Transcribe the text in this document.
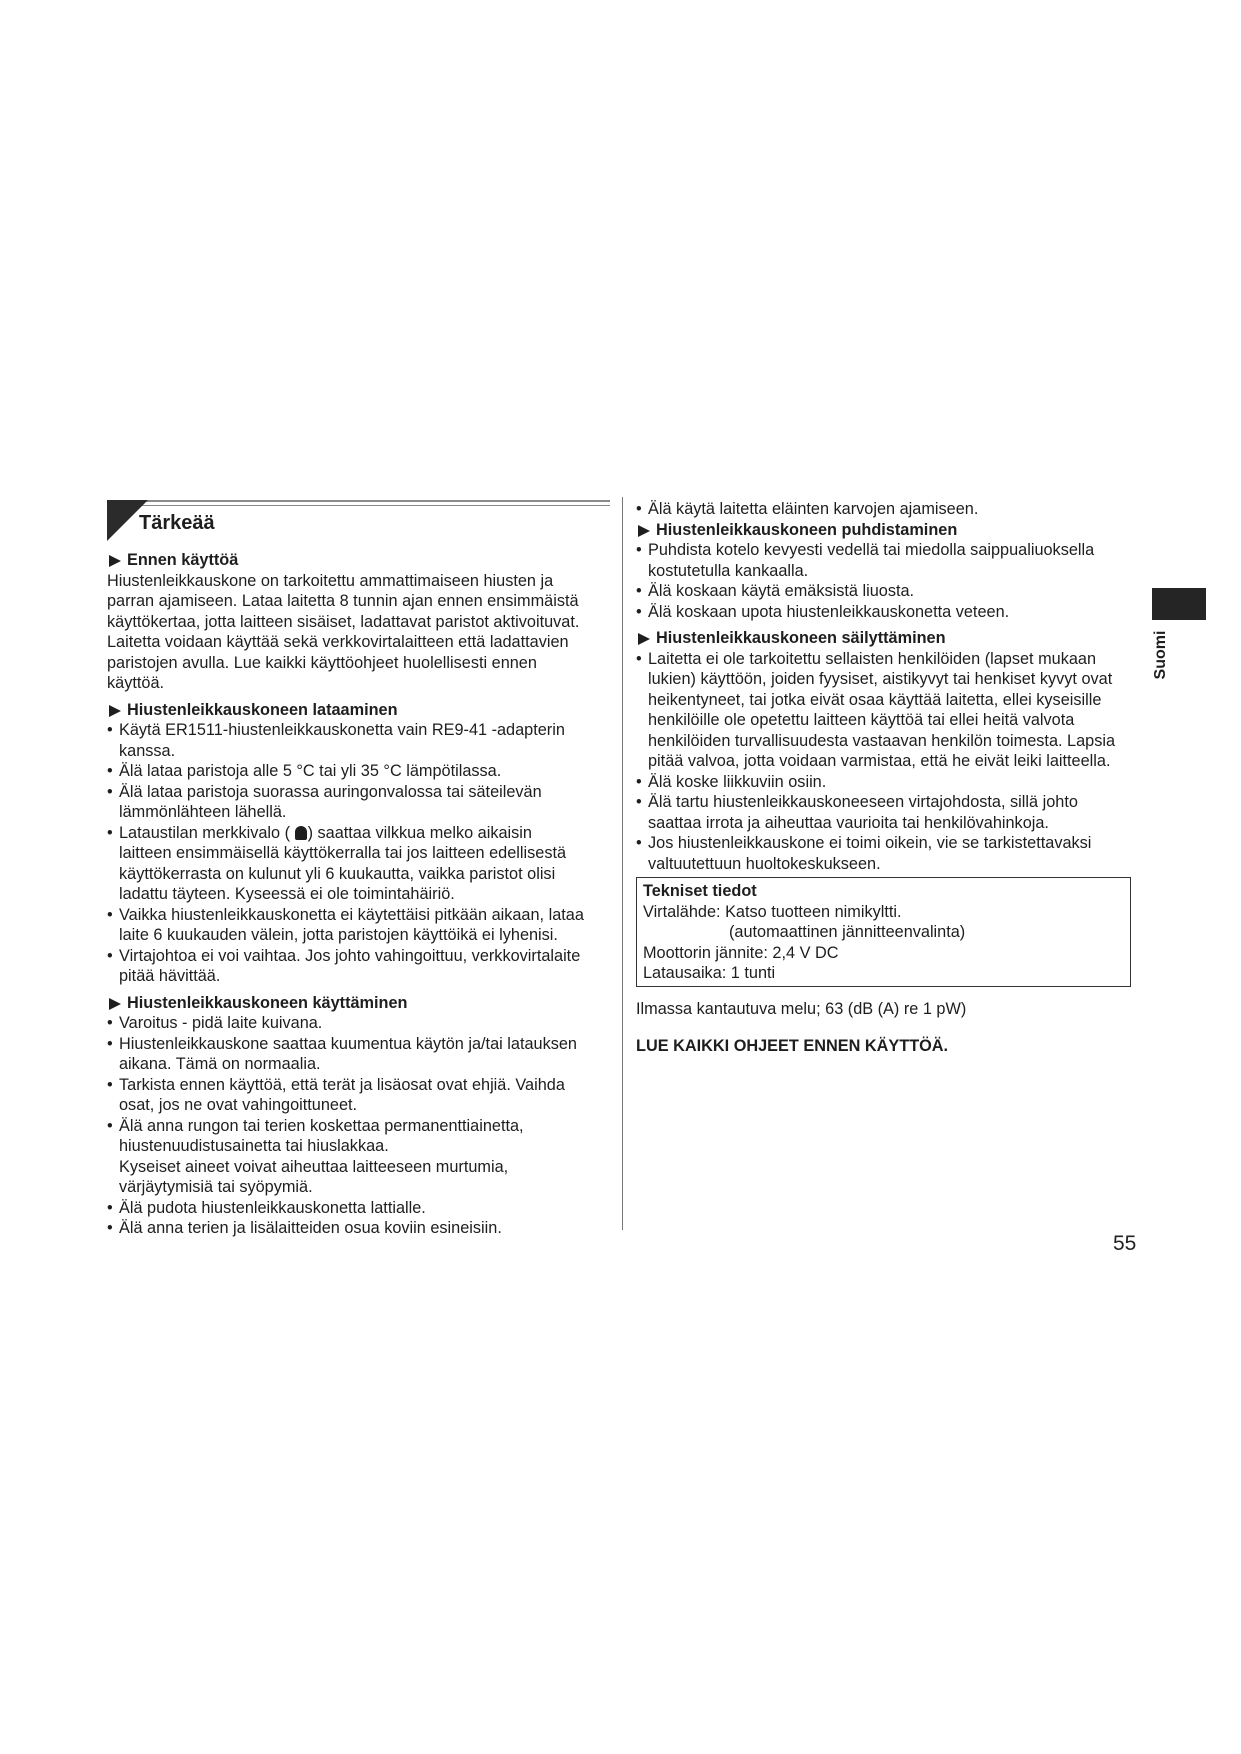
Tärkeää
Ennen käyttöä
Hiustenleikkauskone on tarkoitettu ammattimaiseen hiusten ja
parran ajamiseen. Lataa laitetta 8 tunnin ajan ennen ensimmäistä
käyttökertaa, jotta laitteen sisäiset, ladattavat paristot aktivoituvat.
Laitetta voidaan käyttää sekä verkkovirtalaitteen että ladattavien
paristojen avulla. Lue kaikki käyttöohjeet huolellisesti ennen
käyttöä.
Hiustenleikkauskoneen lataaminen
• Käytä ER1511-hiustenleikkauskonetta vain RE9-41 -adapterin
kanssa.
• Älä lataa paristoja alle 5 °C tai yli 35 °C lämpötilassa.
• Älä lataa paristoja suorassa auringonvalossa tai säteilevän
lämmönlähteen lähellä.
• Lataustilan merkkivalo ( ) saattaa vilkkua melko aikaisin
laitteen ensimmäisellä käyttökerralla tai jos laitteen edellisestä
käyttökerrasta on kulunut yli 6 kuukautta, vaikka paristot olisi
ladattu täyteen. Kyseessä ei ole toimintahäiriö.
• Vaikka hiustenleikkauskonetta ei käytettäisi pitkään aikaan, lataa
laite 6 kuukauden välein, jotta paristojen käyttöikä ei lyhenisi.
• Virtajohtoa ei voi vaihtaa. Jos johto vahingoittuu, verkkovirtalaite
pitää hävittää.
Hiustenleikkauskoneen käyttäminen
• Varoitus - pidä laite kuivana.
• Hiustenleikkauskone saattaa kuumentua käytön ja/tai latauksen
aikana. Tämä on normaalia.
• Tarkista ennen käyttöä, että terät ja lisäosat ovat ehjiä. Vaihda
osat, jos ne ovat vahingoittuneet.
• Älä anna rungon tai terien koskettaa permanenttiainetta,
hiustenuudistusainetta tai hiuslakkaa.
Kyseiset aineet voivat aiheuttaa laitteeseen murtumia,
värjäytymisiä tai syöpymiä.
• Älä pudota hiustenleikkauskonetta lattialle.
• Älä anna terien ja lisälaitteiden osua koviin esineisiin.
• Älä käytä laitetta eläinten karvojen ajamiseen.
Hiustenleikkauskoneen puhdistaminen
• Puhdista kotelo kevyesti vedellä tai miedolla saippualiuoksella
kostutetulla kankaalla.
• Älä koskaan käytä emäksistä liuosta.
• Älä koskaan upota hiustenleikkauskonetta veteen.
Hiustenleikkauskoneen säilyttäminen
• Laitetta ei ole tarkoitettu sellaisten henkilöiden (lapset mukaan
lukien) käyttöön, joiden fyysiset, aistikyvyt tai henkiset kyvyt ovat
heikentyneet, tai jotka eivät osaa käyttää laitetta, ellei kyseisille
henkilöille ole opetettu laitteen käyttöä tai ellei heitä valvota
henkilöiden turvallisuudesta vastaavan henkilön toimesta. Lapsia
pitää valvoa, jotta voidaan varmistaa, että he eivät leiki laitteella.
• Älä koske liikkuviin osiin.
• Älä tartu hiustenleikkauskoneeseen virtajohdosta, sillä johto
saattaa irrota ja aiheuttaa vaurioita tai henkilövahinkoja.
• Jos hiustenleikkauskone ei toimi oikein, vie se tarkistettavaksi
valtuutettuun huoltokeskukseen.
Tekniset tiedot
Virtalähde: Katso tuotteen nimikyltti.
(automaattinen jännitteenvalinta)
Moottorin jännite: 2,4 V DC
Latausaika: 1 tunti
Ilmassa kantautuva melu; 63 (dB (A) re 1 pW)
LUE KAIKKI OHJEET ENNEN KÄYTTÖÄ.
Suomi
55
